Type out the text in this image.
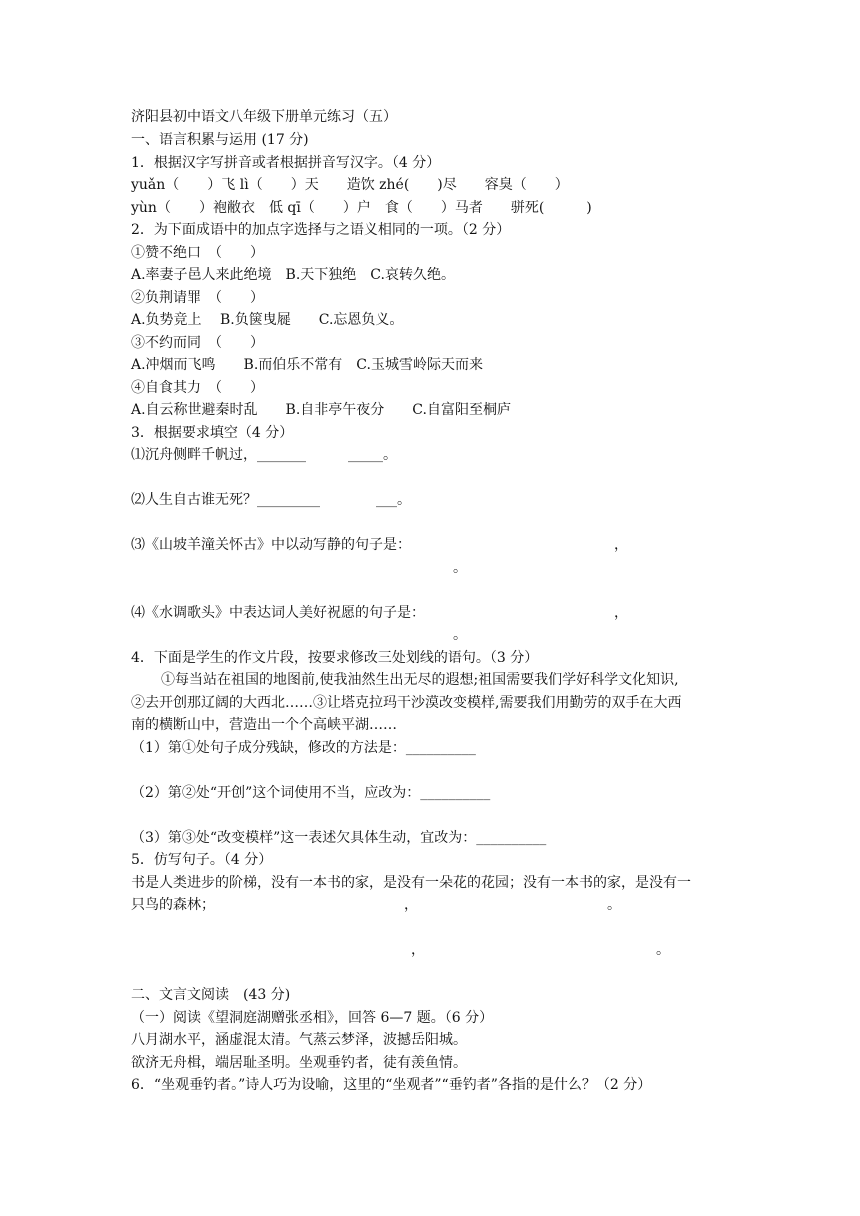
济阳县初中语文八年级下册单元练习（五）
一、语言积累与运用 (17 分)
1．根据汉字写拼音或者根据拼音写汉字。（4 分）
yuǎn（　　）飞 lì（　　）天　　造饮 zhé(　　)尽　　容臭（　　）
yùn（　　）袍敝衣　低 qī（　　）户　食（　　）马者　　骈死(　　　)
2．为下面成语中的加点字选择与之语义相同的一项。（2 分）
①赞不绝口　（　　）
A.率妻子邑人来此绝境　B.天下独绝　C.哀转久绝。
②负荆请罪　（　　）
A.负势竞上　 B.负箧曳屣　　C.忘恩负义。
③不约而同　（　　）
A.冲烟而飞鸣　　B.而伯乐不常有　C.玉城雪岭际天而来
④自食其力　（　　）
A.自云称世避秦时乱　　B.自非亭午夜分　　C.自富阳至桐庐
3．根据要求填空（4 分）
⑴沉舟侧畔千帆过，_______　　　_____。
⑵人生自古谁无死？_________　　　　___。
⑶《山坡羊潼关怀古》中以动写静的句子是：　　　　　　　　　　　　　　　，
　　　　　　　　　　　　　　　　　　　　　　　。
⑷《水调歌头》中表达词人美好祝愿的句子是：　　　　　　　　　　　　　　，
　　　　　　　　　　　　　　　　　　　　　　　。
4．下面是学生的作文片段，按要求修改三处划线的语句。（3 分）
①每当站在祖国的地图前,使我油然生出无尽的遐想;祖国需要我们学好科学文化知识,
②去开创那辽阔的大西北……③让塔克拉玛干沙漠改变模样,需要我们用勤劳的双手在大西
南的横断山中，营造出一个个高峡平湖……
（1）第①处句子成分残缺，修改的方法是：__________
（2）第②处“开创”这个词使用不当，应改为：__________
（3）第③处“改变模样”这一表述欠具体生动，宜改为：__________
5．仿写句子。（4 分）
书是人类进步的阶梯，没有一本书的家，是没有一朵花的花园；没有一本书的家，是没有一
只鸟的森林；　　　　　　　　　　　　　　，　　　　　　　　　　　　　　。
　　　　　　　　　　　　　　　　　　　　，　　　　　　　　　　　　　　　　　。
二、文言文阅读　(43 分)
（一）阅读《望洞庭湖赠张丞相》，回答 6—7 题。（6 分）
八月湖水平，涵虚混太清。气蒸云梦泽，波撼岳阳城。
欲济无舟楫，端居耻圣明。坐观垂钓者，徒有羡鱼情。
6．“坐观垂钓者。”诗人巧为设喻，这里的“坐观者”“垂钓者”各指的是什么？（2 分）
